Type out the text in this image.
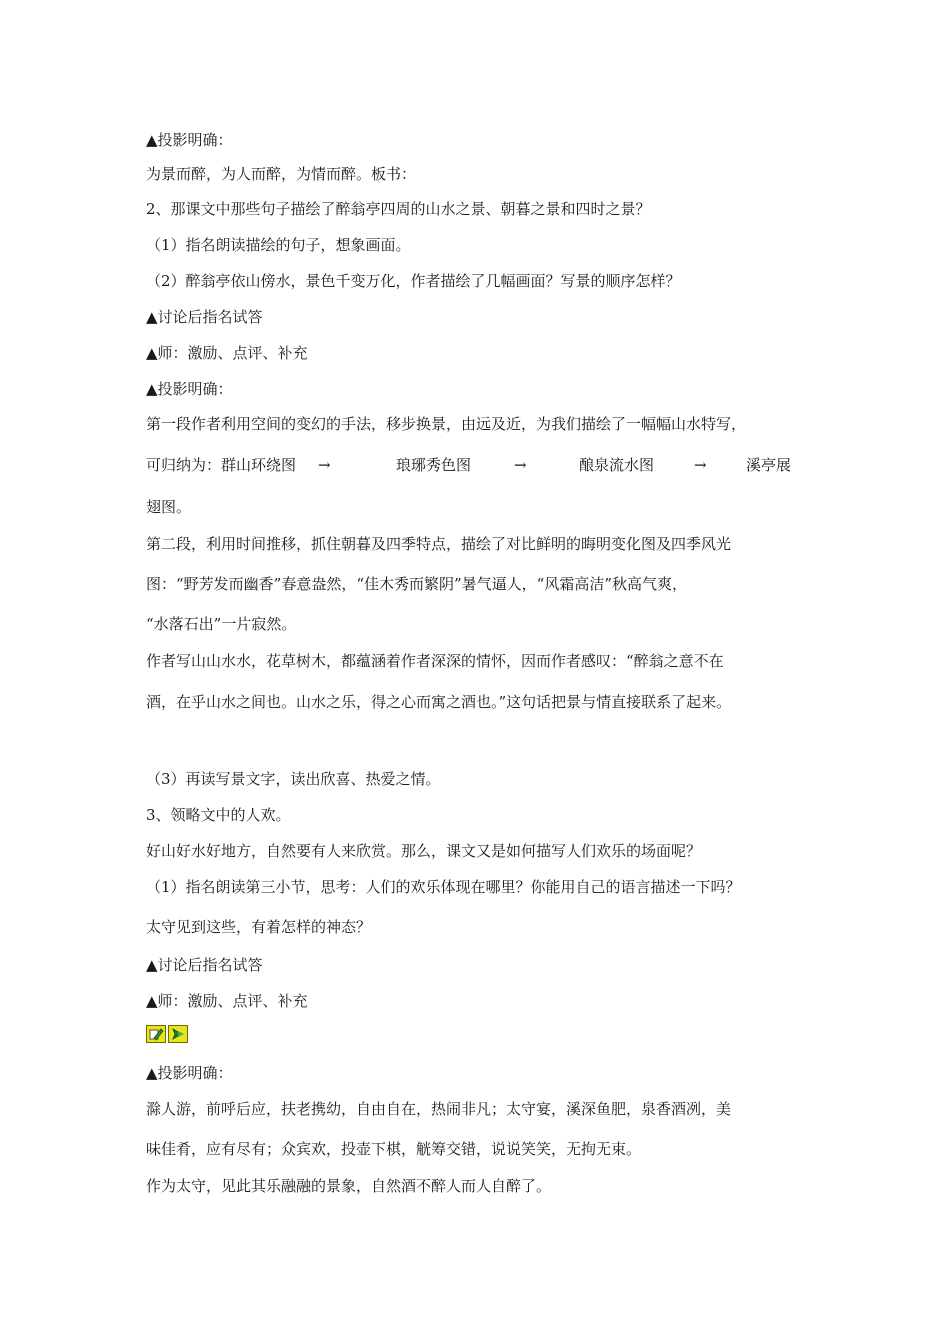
▲投影明确：
为景而醉，为人而醉，为情而醉。板书：
2、那课文中那些句子描绘了醉翁亭四周的山水之景、朝暮之景和四时之景？
（1）指名朗读描绘的句子，想象画面。
（2）醉翁亭依山傍水，景色千变万化，作者描绘了几幅画面？写景的顺序怎样？
▲讨论后指名试答
▲师：激励、点评、补充
▲投影明确：
第一段作者利用空间的变幻的手法，移步换景，由远及近，为我们描绘了一幅幅山水特写，
可归纳为：群山环绕图 →	琅琊秀色图	→	酿泉流水图	→	溪亭展
翅图。
第二段，利用时间推移，抓住朝暮及四季特点，描绘了对比鲜明的晦明变化图及四季风光
图：“野芳发而幽香”春意盎然，“佳木秀而繁阴”暑气逼人，“风霜高洁”秋高气爽，
“水落石出”一片寂然。
作者写山山水水，花草树木，都蕴涵着作者深深的情怀，因而作者感叹：“醉翁之意不在
酒，在乎山水之间也。山水之乐，得之心而寓之酒也。”这句话把景与情直接联系了起来。
（3）再读写景文字，读出欣喜、热爱之情。
3、领略文中的人欢。
好山好水好地方，自然要有人来欣赏。那么，课文又是如何描写人们欢乐的场面呢？
（1）指名朗读第三小节，思考：人们的欢乐体现在哪里？你能用自己的语言描述一下吗？
太守见到这些，有着怎样的神态？
▲讨论后指名试答
▲师：激励、点评、补充
▲投影明确：
滁人游，前呼后应，扶老携幼，自由自在，热闹非凡；太守宴，溪深鱼肥，泉香酒冽，美
味佳肴，应有尽有；众宾欢，投壶下棋，觥筹交错，说说笑笑，无拘无束。
作为太守，见此其乐融融的景象，自然酒不醉人而人自醉了。
